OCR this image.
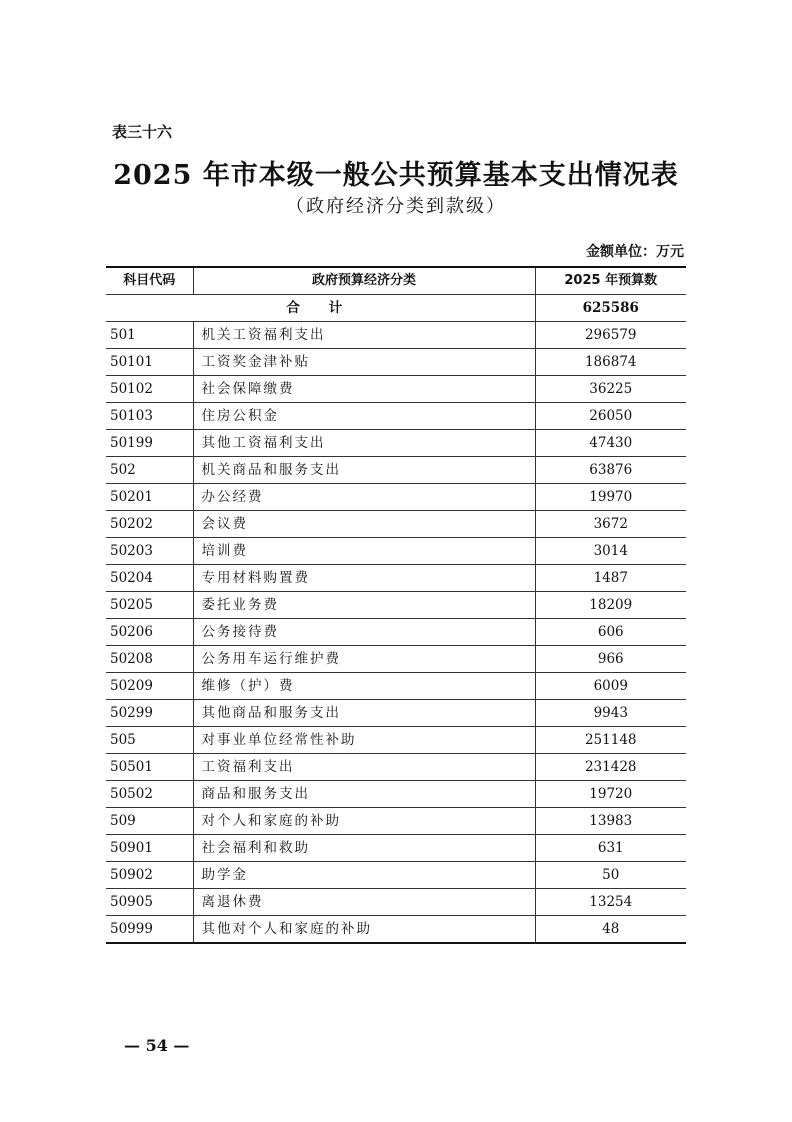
表三十六
2025 年市本级一般公共预算基本支出情况表
（政府经济分类到款级）
金额单位：万元
科目代码	政府预算经济分类	2025 年预算数
合 计		625586
501	机关工资福利支出	296579
50101	工资奖金津补贴	186874
50102	社会保障缴费	36225
50103	住房公积金	26050
50199	其他工资福利支出	47430
502	机关商品和服务支出	63876
50201	办公经费	19970
50202	会议费	3672
50203	培训费	3014
50204	专用材料购置费	1487
50205	委托业务费	18209
50206	公务接待费	606
50208	公务用车运行维护费	966
50209	维修（护）费	6009
50299	其他商品和服务支出	9943
505	对事业单位经常性补助	251148
50501	工资福利支出	231428
50502	商品和服务支出	19720
509	对个人和家庭的补助	13983
50901	社会福利和救助	631
50902	助学金	50
50905	离退休费	13254
50999	其他对个人和家庭的补助	48
— 54 —
